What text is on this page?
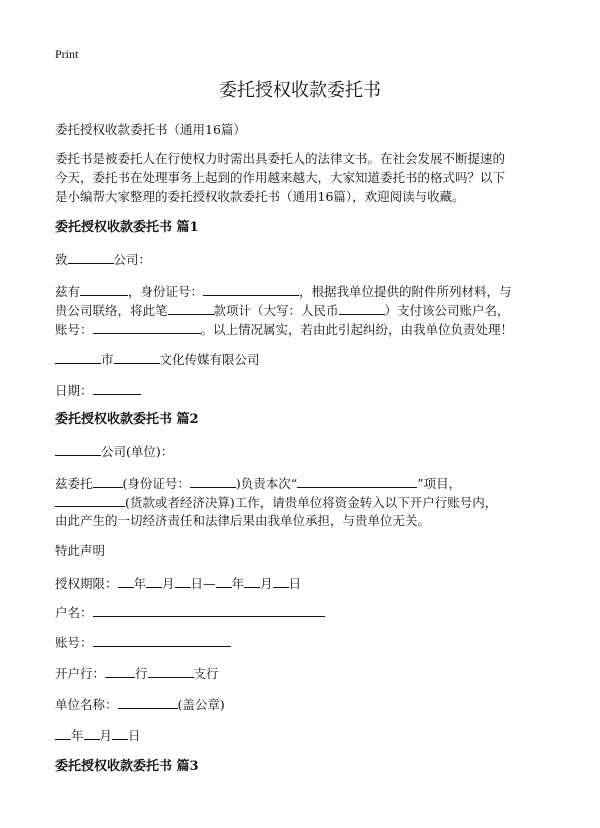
Print
委托授权收款委托书
委托授权收款委托书（通用16篇）
委托书是被委托人在行使权力时需出具委托人的法律文书。在社会发展不断提速的
今天，委托书在处理事务上起到的作用越来越大，大家知道委托书的格式吗？以下
是小编帮大家整理的委托授权收款委托书（通用16篇），欢迎阅读与收藏。
委托授权收款委托书 篇1
致	公司：
兹有	，身份证号：	，根据我单位提供的附件所列材料，与
贵公司联络，将此笔	款项计（大写：人民币	）支付该公司账户名，
账号：	。以上情况属实，若由此引起纠纷，由我单位负责处理！
市	文化传媒有限公司
日期：
委托授权收款委托书 篇2
公司(单位)：
兹委托 (身份证号：	)负责本次“	”项目，
(货款或者经济决算)工作，请贵单位将资金转入以下开户行账号内，
由此产生的一切经济责任和法律后果由我单位承担，与贵单位无关。
特此声明
授权期限： 年 月 日— 年 月 日
户名：
账号：
开户行： 行	支行
单位名称：	(盖公章)
年 月 日
委托授权收款委托书 篇3
